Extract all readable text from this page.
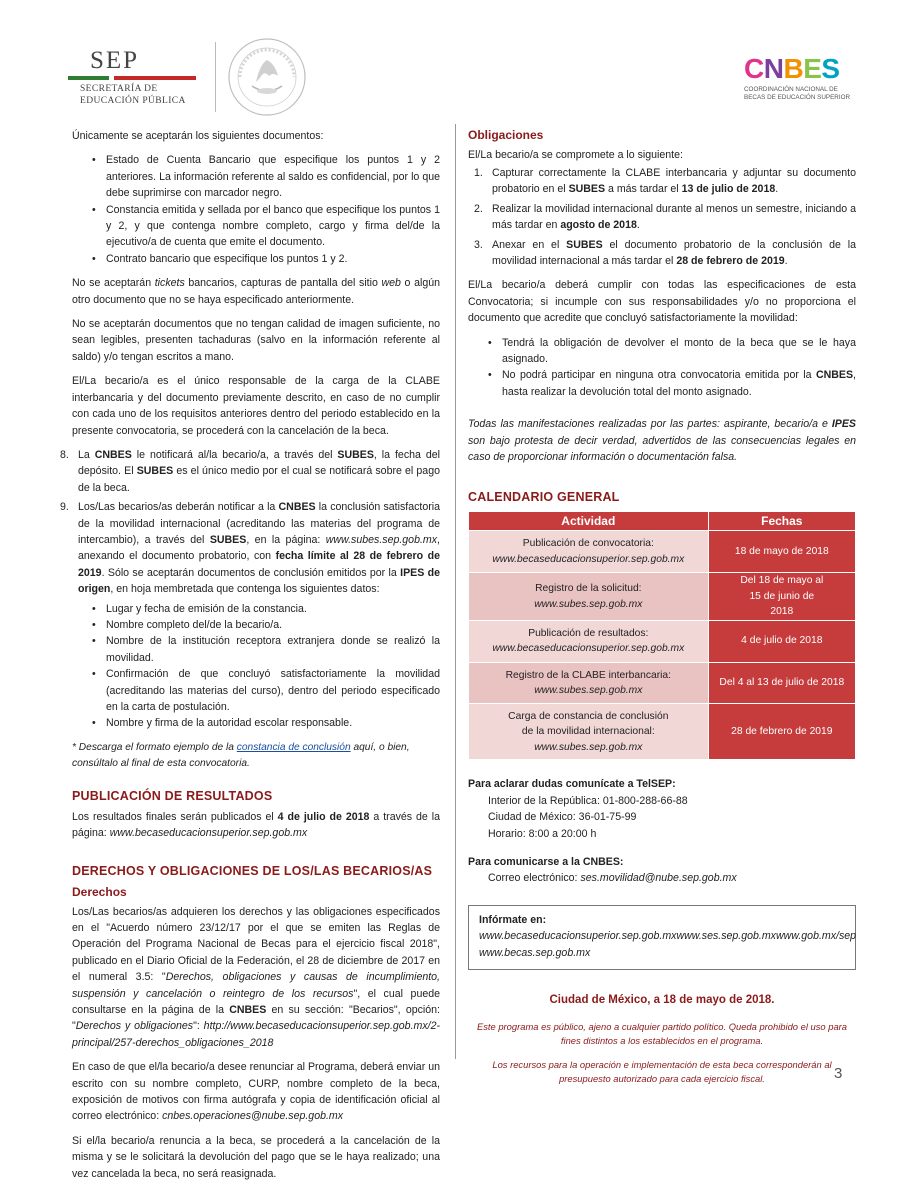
SEP
SECRETARÍA DE
EDUCACIÓN PÚBLICA
CNBES
COORDINACIÓN NACIONAL DE
BECAS DE EDUCACIÓN SUPERIOR

Únicamente se aceptarán los siguientes documentos:

• Estado de Cuenta Bancario que especifique los puntos 1 y 2 anteriores. La información referente al saldo es confidencial, por lo que debe suprimirse con marcador negro.
• Constancia emitida y sellada por el banco que especifique los puntos 1 y 2, y que contenga nombre completo, cargo y firma del/de la ejecutivo/a de cuenta que emite el documento.
• Contrato bancario que especifique los puntos 1 y 2.

No se aceptarán tickets bancarios, capturas de pantalla del sitio web o algún otro documento que no se haya especificado anteriormente.

No se aceptarán documentos que no tengan calidad de imagen suficiente, no sean legibles, presenten tachaduras (salvo en la información referente al saldo) y/o tengan escritos a mano.

El/La becario/a es el único responsable de la carga de la CLABE interbancaria y del documento previamente descrito, en caso de no cumplir con cada uno de los requisitos anteriores dentro del periodo establecido en la presente convocatoria, se procederá con la cancelación de la beca.

8. La CNBES le notificará al/la becario/a, a través del SUBES, la fecha del depósito. El SUBES es el único medio por el cual se notificará sobre el pago de la beca.
9. Los/Las becarios/as deberán notificar a la CNBES la conclusión satisfactoria de la movilidad internacional (acreditando las materias del programa de intercambio), a través del SUBES, en la página: www.subes.sep.gob.mx, anexando el documento probatorio, con fecha límite al 28 de febrero de 2019. Sólo se aceptarán documentos de conclusión emitidos por la IPES de origen, en hoja membretada que contenga los siguientes datos:
• Lugar y fecha de emisión de la constancia.
• Nombre completo del/de la becario/a.
• Nombre de la institución receptora extranjera donde se realizó la movilidad.
• Confirmación de que concluyó satisfactoriamente la movilidad (acreditando las materias del curso), dentro del periodo especificado en la carta de postulación.
• Nombre y firma de la autoridad escolar responsable.

* Descarga el formato ejemplo de la constancia de conclusión aquí, o bien, consúltalo al final de esta convocatoria.

PUBLICACIÓN DE RESULTADOS

Los resultados finales serán publicados el 4 de julio de 2018 a través de la página: www.becaseducacionsuperior.sep.gob.mx

DERECHOS Y OBLIGACIONES DE LOS/LAS BECARIOS/AS
Derechos

Los/Las becarios/as adquieren los derechos y las obligaciones especificados en el "Acuerdo número 23/12/17 por el que se emiten las Reglas de Operación del Programa Nacional de Becas para el ejercicio fiscal 2018", publicado en el Diario Oficial de la Federación, el 28 de diciembre de 2017 en el numeral 3.5: "Derechos, obligaciones y causas de incumplimiento, suspensión y cancelación o reintegro de los recursos", el cual puede consultarse en la página de la CNBES en su sección: "Becarios", opción: "Derechos y obligaciones": http://www.becaseducacionsuperior.sep.gob.mx/2-principal/257-derechos_obligaciones_2018

En caso de que el/la becario/a desee renunciar al Programa, deberá enviar un escrito con su nombre completo, CURP, nombre completo de la beca, exposición de motivos con firma autógrafa y copia de identificación oficial al correo electrónico: cnbes.operaciones@nube.sep.gob.mx

Si el/la becario/a renuncia a la beca, se procederá a la cancelación de la misma y se le solicitará la devolución del pago que se le haya realizado; una vez cancelada la beca, no será reasignada.

Obligaciones

El/La becario/a se compromete a lo siguiente:

1. Capturar correctamente la CLABE interbancaria y adjuntar su documento probatorio en el SUBES a más tardar el 13 de julio de 2018.
2. Realizar la movilidad internacional durante al menos un semestre, iniciando a más tardar en agosto de 2018.
3. Anexar en el SUBES el documento probatorio de la conclusión de la movilidad internacional a más tardar el 28 de febrero de 2019.

El/La becario/a deberá cumplir con todas las especificaciones de esta Convocatoria; si incumple con sus responsabilidades y/o no proporciona el documento que acredite que concluyó satisfactoriamente la movilidad:

• Tendrá la obligación de devolver el monto de la beca que se le haya asignado.
• No podrá participar en ninguna otra convocatoria emitida por la CNBES, hasta realizar la devolución total del monto asignado.

Todas las manifestaciones realizadas por las partes: aspirante, becario/a e IPES son bajo protesta de decir verdad, advertidos de las consecuencias legales en caso de proporcionar información o documentación falsa.

CALENDARIO GENERAL
Actividad	Fechas

Publicación de convocatoria:
www.becaseducacionsuperior.sep.gob.mx	18 de mayo de 2018

Registro de la solicitud:
www.subes.sep.gob.mx	Del 18 de mayo al 15 de junio de 2018

Publicación de resultados:
www.becaseducacionsuperior.sep.gob.mx	4 de julio de 2018

Registro de la CLABE interbancaria:
www.subes.sep.gob.mx	Del 4 al 13 de julio de 2018

Carga de constancia de conclusión de la movilidad internacional:
www.subes.sep.gob.mx	28 de febrero de 2019
Para aclarar dudas comunícate a TelSEP:
Interior de la República: 01-800-288-66-88
Ciudad de México: 36-01-75-99
Horario: 8:00 a 20:00 h
Para comunicarse a la CNBES:
Correo electrónico: ses.movilidad@nube.sep.gob.mx
Infórmate en:
www.becaseducacionsuperior.sep.gob.mx www.ses.sep.gob.mx www.gob.mx/sep
www.becas.sep.gob.mx
Ciudad de México, a 18 de mayo de 2018.
Este programa es público, ajeno a cualquier partido político. Queda prohibido el uso para fines distintos a los establecidos en el programa.
Los recursos para la operación e implementación de esta beca corresponderán al presupuesto autorizado para cada ejercicio fiscal.	3
